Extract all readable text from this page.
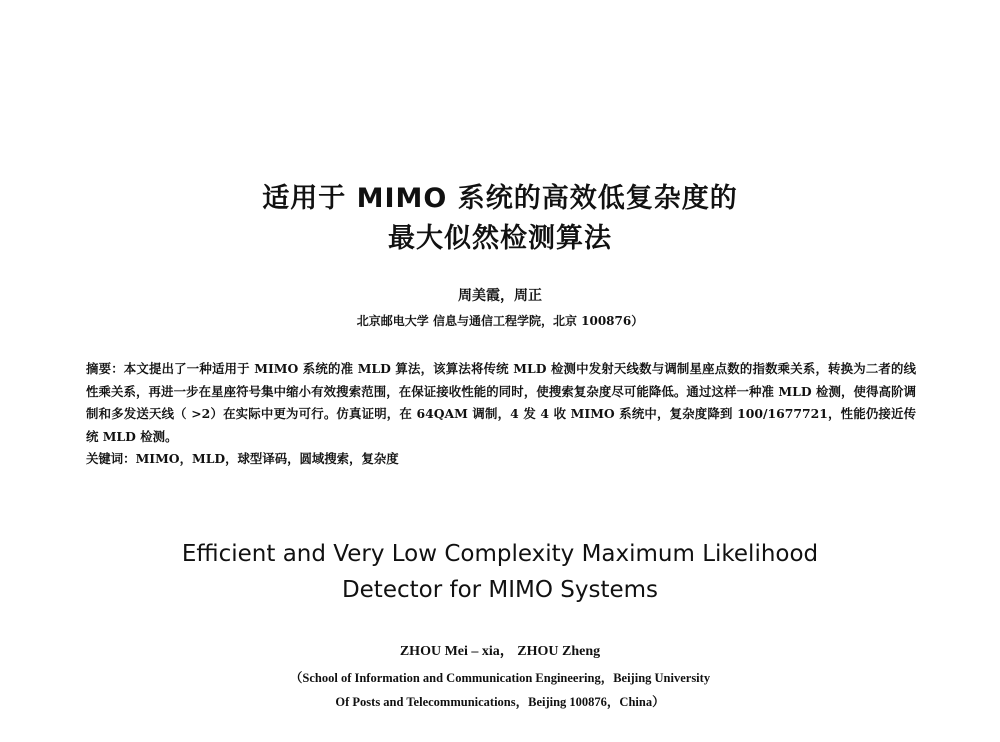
适用于 MIMO 系统的高效低复杂度的
最大似然检测算法
周美霞，周正
北京邮电大学 信息与通信工程学院，北京 100876）

摘要：本文提出了一种适用于 MIMO 系统的准 MLD 算法，该算法将传统 MLD 检测中发射天线数与调制星座点数的指数乘关系，转换为二者的线性乘关系，再进一步在星座符号集中缩小有效搜索范围，在保证接收性能的同时，使搜索复杂度尽可能降低。通过这样一种准 MLD 检测，使得高阶调制和多发送天线（ >2）在实际中更为可行。仿真证明，在 64QAM 调制，4 发 4 收 MIMO 系统中，复杂度降到 100/1677721，性能仍接近传统 MLD 检测。

关键词：MIMO，MLD，球型译码，圆域搜索，复杂度

Efficient and Very Low Complexity Maximum Likelihood
Detector for MIMO Systems
ZHOU Mei – xia， ZHOU Zheng
（School of Information and Communication Engineering，Beijing University
Of Posts and Telecommunications，Beijing 100876，China）
